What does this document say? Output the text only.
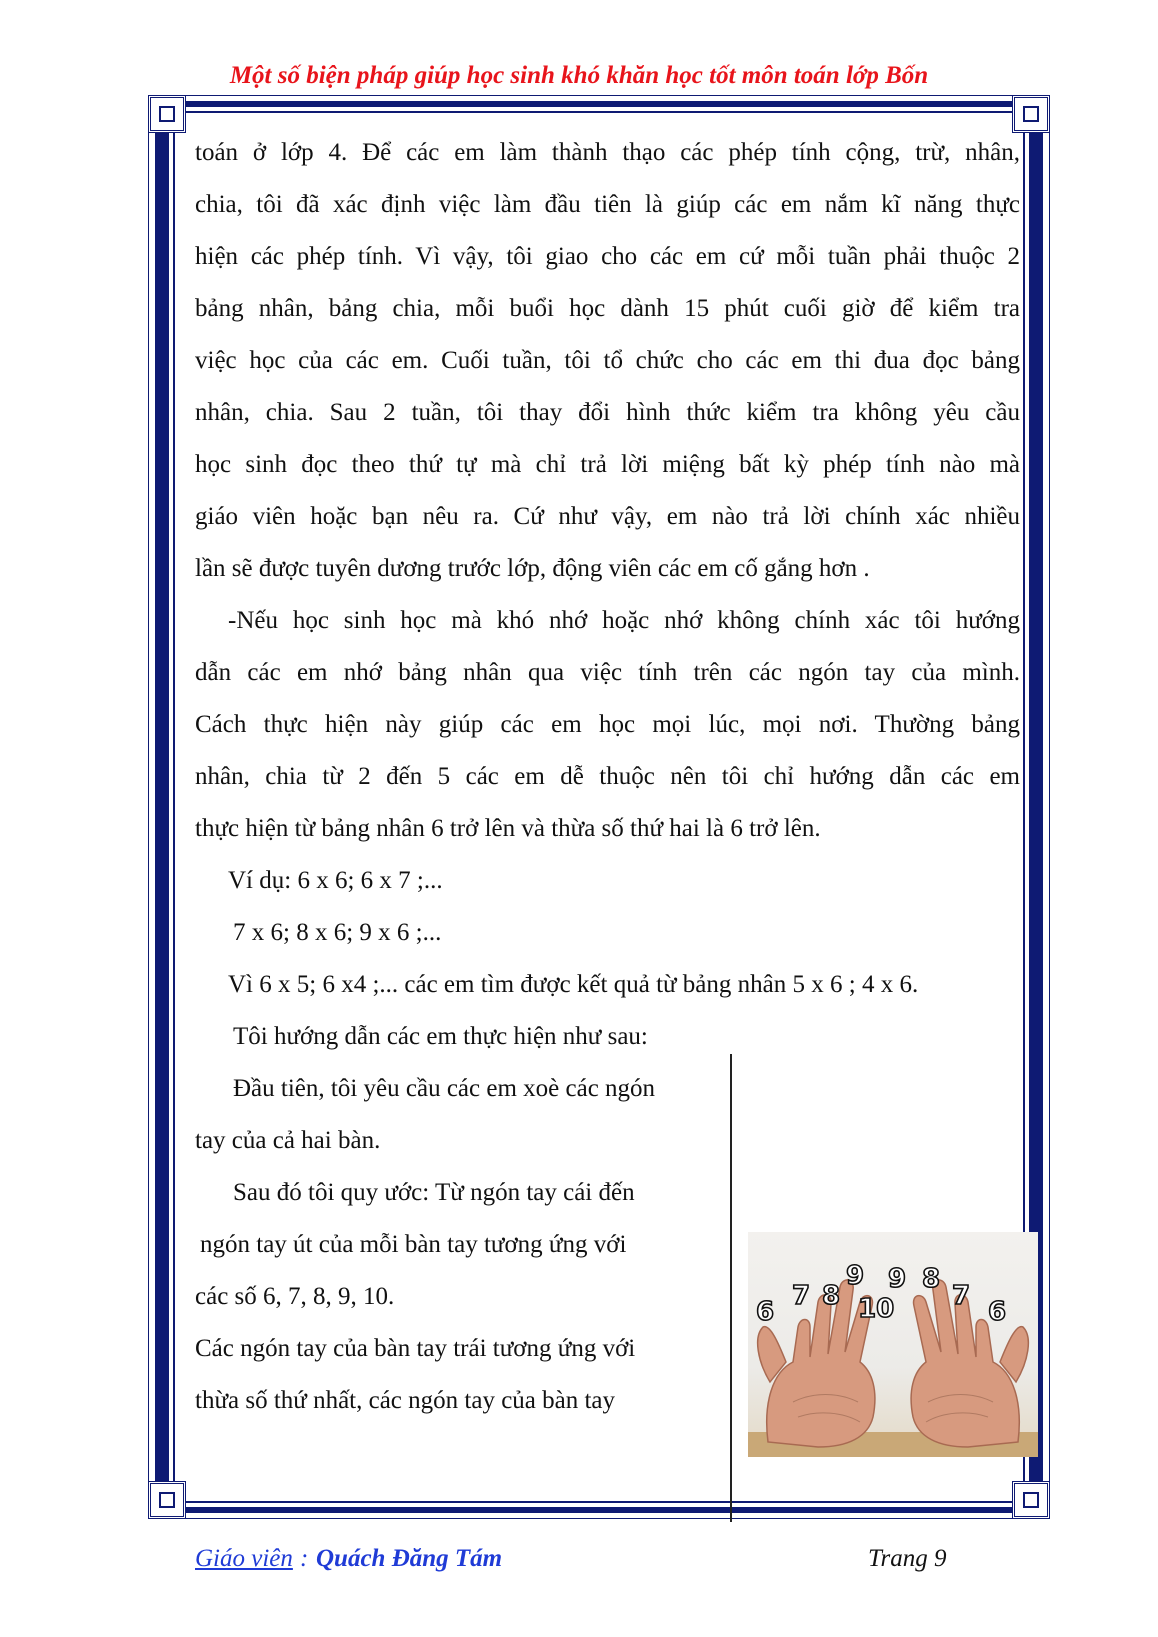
Một số biện pháp giúp học sinh khó khăn học tốt môn toán lớp Bốn
toán ở lớp 4. Để các em làm thành thạo các phép tính cộng, trừ, nhân,
chia, tôi đã xác định việc làm đầu tiên là giúp các em nắm kĩ năng thực
hiện các phép tính. Vì vậy, tôi giao cho các em cứ mỗi tuần phải thuộc 2
bảng nhân, bảng chia, mỗi buổi học dành 15 phút cuối giờ để kiểm tra
việc học của các em. Cuối tuần, tôi tổ chức cho các em thi đua đọc bảng
nhân, chia. Sau 2 tuần, tôi thay đổi hình thức kiểm tra không yêu cầu
học sinh đọc theo thứ tự mà chỉ trả lời miệng bất kỳ phép tính nào mà
giáo viên hoặc bạn nêu ra. Cứ như vậy, em nào trả lời chính xác nhiều
lần sẽ được tuyên dương trước lớp, động viên các em cố gắng hơn .
-Nếu học sinh học mà khó nhớ hoặc nhớ không chính xác tôi hướng
dẫn các em nhớ bảng nhân qua việc tính trên các ngón tay của mình.
Cách thực hiện này giúp các em học mọi lúc, mọi nơi. Thường bảng
nhân, chia từ 2 đến 5 các em dễ thuộc nên tôi chỉ hướng dẫn các em
thực hiện từ bảng nhân 6 trở lên và thừa số thứ hai là 6 trở lên.
Ví dụ: 6 x 6; 6 x 7 ;...
7 x 6; 8 x 6; 9 x 6 ;...
Vì 6 x 5; 6 x4 ;... các em tìm được kết quả từ bảng nhân 5 x 6 ; 4 x 6.
Tôi hướng dẫn các em thực hiện như sau:
Đầu tiên, tôi yêu cầu các em xoè các ngón
tay của cả hai bàn.
Sau đó tôi quy ước: Từ ngón tay cái đến
ngón tay út của mỗi bàn tay tương ứng với
các số 6, 7, 8, 9, 10.
Các ngón tay của bàn tay trái tương ứng với
thừa số thứ nhất, các ngón tay của bàn tay
6
7 8
9
10
9 8
7
6
Giáo viên : Quách Đăng Tám	Trang 9
